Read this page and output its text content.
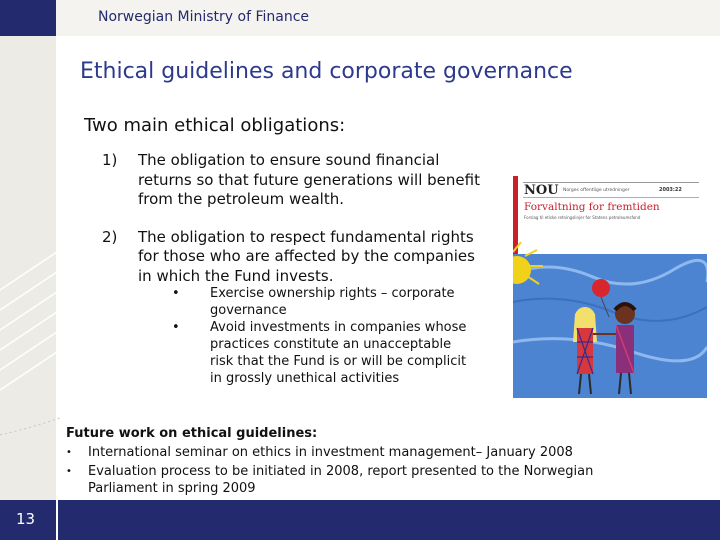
Norwegian Ministry of Finance
Ethical guidelines and corporate governance
Two main ethical obligations:
1) The obligation to ensure sound financial returns so that future generations will benefit from the petroleum wealth.
2) The obligation to respect fundamental rights for those who are affected by the companies in which the Fund invests.
• Exercise ownership rights – corporate governance
• Avoid investments in companies whose practices constitute an unacceptable risk that the Fund is or will be complicit in grossly unethical activities
Future work on ethical guidelines:
• International seminar on ethics in investment management– January 2008
• Evaluation process to be initiated in 2008, report presented to the Norwegian Parliament in spring 2009
NOU Norges offentlige utredninger	2003:22
Forvaltning for fremtiden
Forslag til etiske retningslinjer for Statens petroleumsfond
13
